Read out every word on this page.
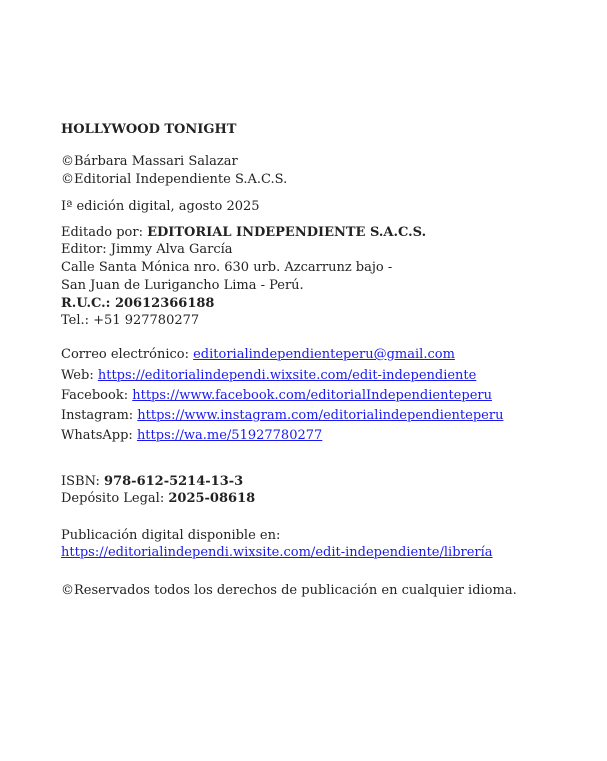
HOLLYWOOD TONIGHT
©Bárbara Massari Salazar
©Editorial Independiente S.A.C.S.
Iª edición digital, agosto 2025
Editado por: EDITORIAL INDEPENDIENTE S.A.C.S.
Editor: Jimmy Alva García
Calle Santa Mónica nro. 630 urb. Azcarrunz bajo -
San Juan de Lurigancho Lima - Perú.
R.U.C.: 20612366188
Tel.: +51 927780277
Correo electrónico: editorialindependienteperu@gmail.com
Web: https://editorialindependi.wixsite.com/edit-independiente
Facebook: https://www.facebook.com/editorialIndependienteperu
Instagram: https://www.instagram.com/editorialindependienteperu
WhatsApp: https://wa.me/51927780277
ISBN: 978-612-5214-13-3
Depósito Legal: 2025-08618
Publicación digital disponible en:
https://editorialindependi.wixsite.com/edit-independiente/librería
©Reservados todos los derechos de publicación en cualquier idioma.
